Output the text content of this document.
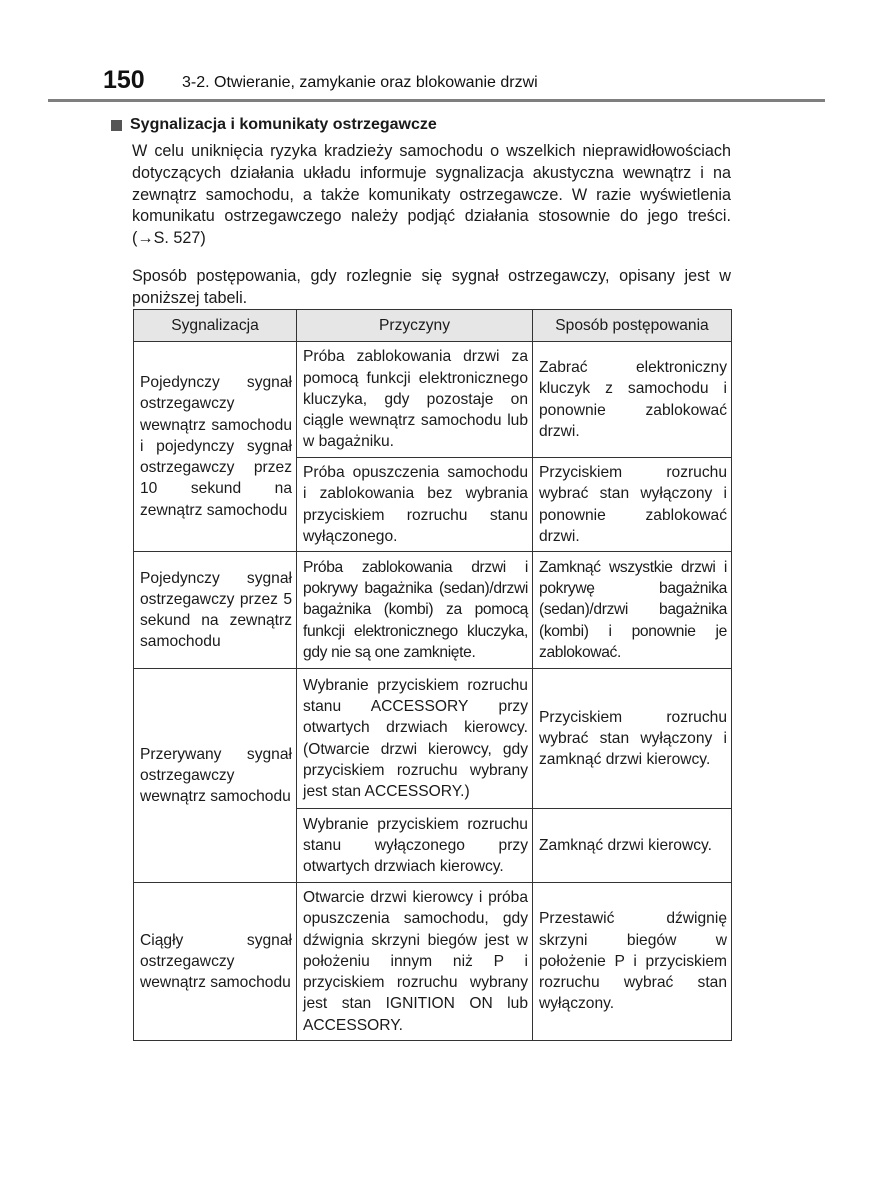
150 3-2. Otwieranie, zamykanie oraz blokowanie drzwi
Sygnalizacja i komunikaty ostrzegawcze

W celu uniknięcia ryzyka kradzieży samochodu o wszelkich nieprawidłowościach dotyczących działania układu informuje sygnalizacja akustyczna wewnątrz i na zewnątrz samochodu, a także komunikaty ostrzegawcze. W razie wyświetlenia komunikatu ostrzegawczego należy podjąć działania stosownie do jego treści. (→S. 527)

Sposób postępowania, gdy rozlegnie się sygnał ostrzegawczy, opisany jest w poniższej tabeli.

Sygnalizacja	Przyczyny	Sposób postępowania
Pojedynczy sygnał ostrzegawczy wewnątrz samochodu i pojedynczy sygnał ostrzegawczy przez 10 sekund na zewnątrz samochodu	Próba zablokowania drzwi za pomocą funkcji elektronicznego kluczyka, gdy pozostaje on ciągle wewnątrz samochodu lub w bagażniku.	Zabrać elektroniczny kluczyk z samochodu i ponownie zablokować drzwi.
	Próba opuszczenia samochodu i zablokowania bez wybrania przyciskiem rozruchu stanu wyłączonego.	Przyciskiem rozruchu wybrać stan wyłączony i ponownie zablokować drzwi.
Pojedynczy sygnał ostrzegawczy przez 5 sekund na zewnątrz samochodu	Próba zablokowania drzwi i pokrywy bagażnika (sedan)/drzwi bagażnika (kombi) za pomocą funkcji elektronicznego kluczyka, gdy nie są one zamknięte.	Zamknąć wszystkie drzwi i pokrywę bagażnika (sedan)/drzwi bagażnika (kombi) i ponownie je zablokować.
Przerywany sygnał ostrzegawczy wewnątrz samochodu	Wybranie przyciskiem rozruchu stanu ACCESSORY przy otwartych drzwiach kierowcy. (Otwarcie drzwi kierowcy, gdy przyciskiem rozruchu wybrany jest stan ACCESSORY.)	Przyciskiem rozruchu wybrać stan wyłączony i zamknąć drzwi kierowcy.
	Wybranie przyciskiem rozruchu stanu wyłączonego przy otwartych drzwiach kierowcy.	Zamknąć drzwi kierowcy.
Ciągły sygnał ostrzegawczy wewnątrz samochodu	Otwarcie drzwi kierowcy i próba opuszczenia samochodu, gdy dźwignia skrzyni biegów jest w położeniu innym niż P i przyciskiem rozruchu wybrany jest stan IGNITION ON lub ACCESSORY.	Przestawić dźwignię skrzyni biegów w położenie P i przyciskiem rozruchu wybrać stan wyłączony.
